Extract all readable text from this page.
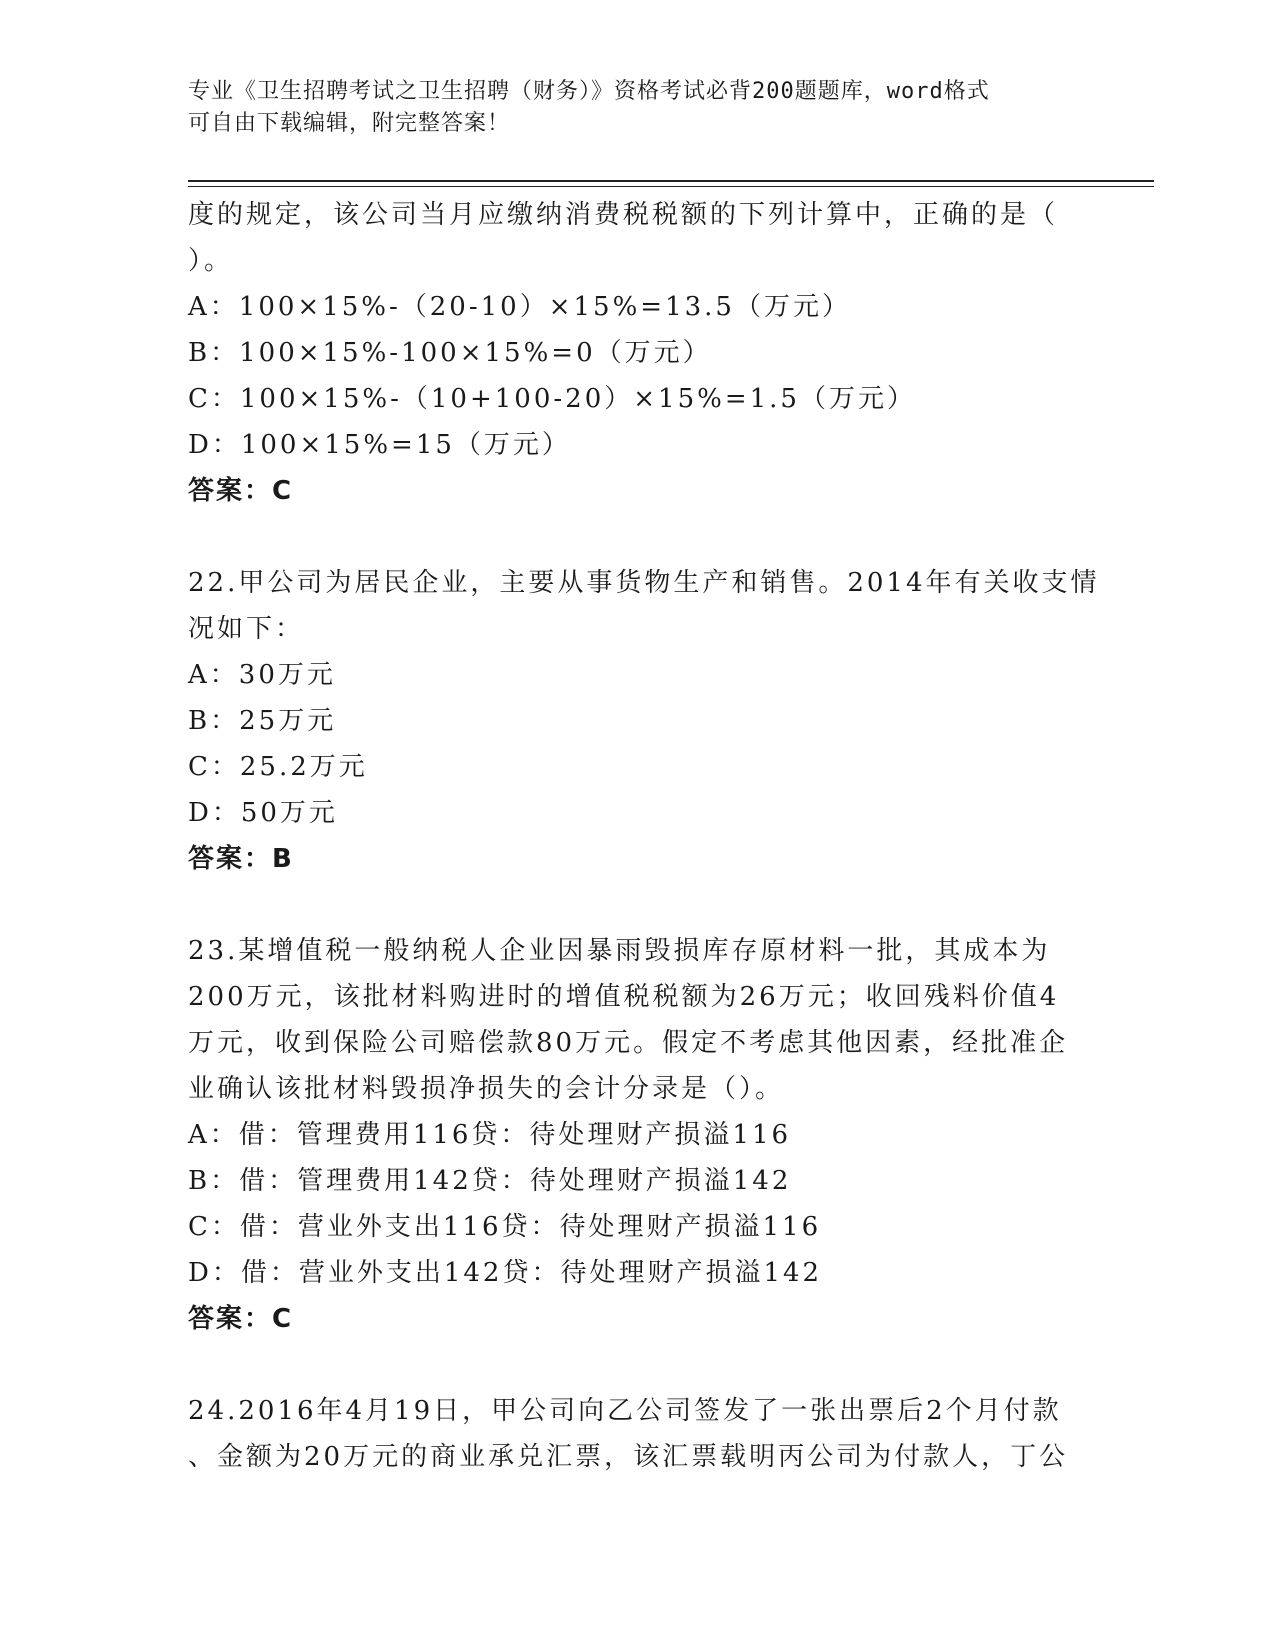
专业《卫生招聘考试之卫生招聘（财务）》资格考试必背200题题库，word格式
可自由下载编辑，附完整答案！
度的规定，该公司当月应缴纳消费税税额的下列计算中，正确的是（
）。
A：100×15%-（20-10）×15%=13.5（万元）
B：100×15%-100×15%=0（万元）
C：100×15%-（10+100-20）×15%=1.5（万元）
D：100×15%=15（万元）
答案：C
22.甲公司为居民企业，主要从事货物生产和销售。2014年有关收支情
况如下：
A：30万元
B：25万元
C：25.2万元
D：50万元
答案：B
23.某增值税一般纳税人企业因暴雨毁损库存原材料一批，其成本为
200万元，该批材料购进时的增值税税额为26万元；收回残料价值4
万元，收到保险公司赔偿款80万元。假定不考虑其他因素，经批准企
业确认该批材料毁损净损失的会计分录是（）。
A：借：管理费用116贷：待处理财产损溢116
B：借：管理费用142贷：待处理财产损溢142
C：借：营业外支出116贷：待处理财产损溢116
D：借：营业外支出142贷：待处理财产损溢142
答案：C
24.2016年4月19日，甲公司向乙公司签发了一张出票后2个月付款
、金额为20万元的商业承兑汇票，该汇票载明丙公司为付款人，丁公
